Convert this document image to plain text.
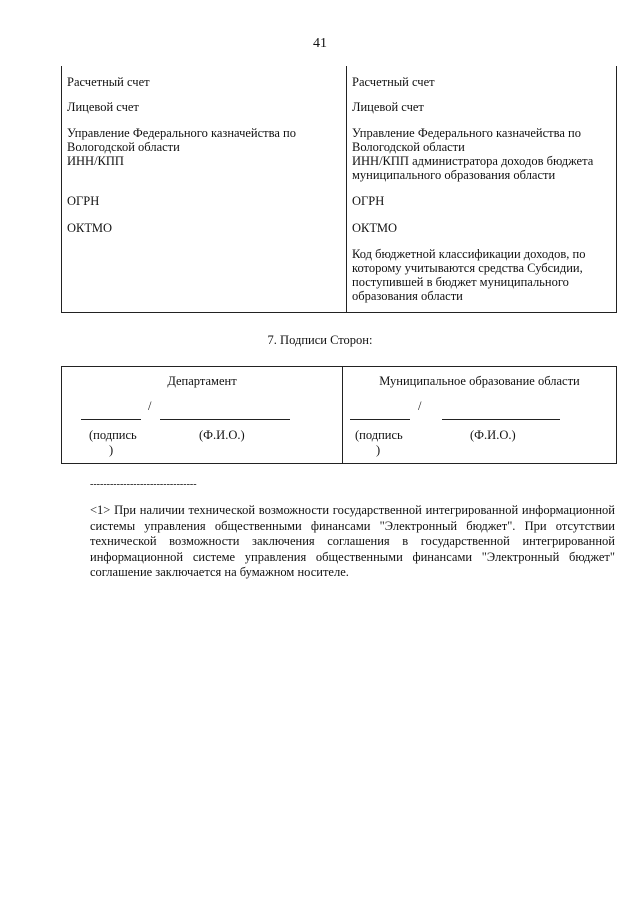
41
Расчетный счет
Лицевой счет
Управление Федерального казначейства по
Вологодской области
ИНН/КПП
ОГРН
ОКТМО
Расчетный счет
Лицевой счет
Управление Федерального казначейства по
Вологодской области
ИНН/КПП администратора доходов бюджета
муниципального образования области
ОГРН
ОКТМО
Код бюджетной классификации доходов, по
которому учитываются средства Субсидии,
поступившей в бюджет муниципального
образования области
7. Подписи Сторон:
Департамент
/
(подпись
)
(Ф.И.О.)
Муниципальное образование области
/
(подпись
)
(Ф.И.О.)
--------------------------------
<1> При наличии технической возможности государственной интегрированной информационной системы управления общественными финансами "Электронный бюджет". При отсутствии технической возможности заключения соглашения в государственной интегрированной информационной системе управления общественными финансами "Электронный бюджет" соглашение заключается на бумажном носителе.
